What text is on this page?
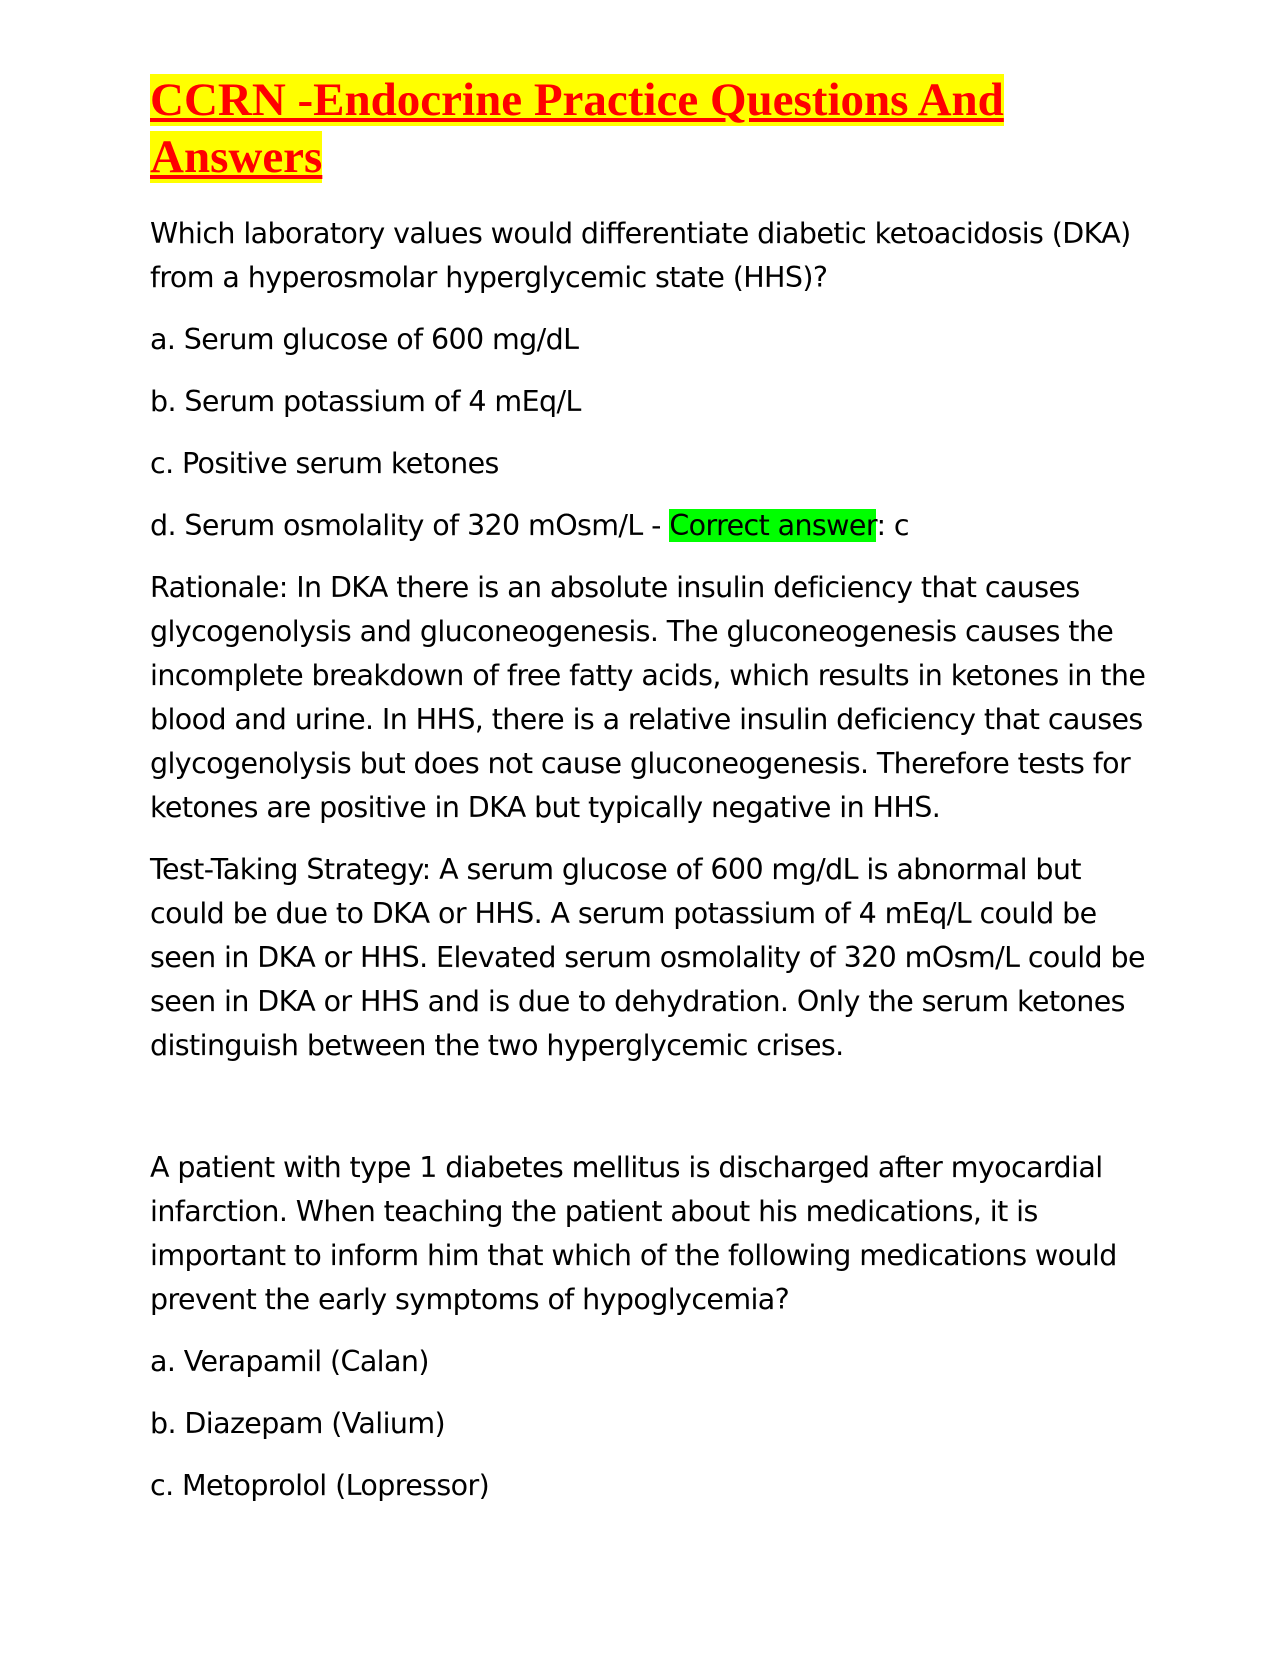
CCRN -Endocrine Practice Questions And Answers

Which laboratory values would differentiate diabetic ketoacidosis (DKA) from a hyperosmolar hyperglycemic state (HHS)?

a. Serum glucose of 600 mg/dL

b. Serum potassium of 4 mEq/L

c. Positive serum ketones

d. Serum osmolality of 320 mOsm/L - Correct answer: c

Rationale: In DKA there is an absolute insulin deficiency that causes glycogenolysis and gluconeogenesis. The gluconeogenesis causes the incomplete breakdown of free fatty acids, which results in ketones in the blood and urine. In HHS, there is a relative insulin deficiency that causes glycogenolysis but does not cause gluconeogenesis. Therefore tests for ketones are positive in DKA but typically negative in HHS.

Test-Taking Strategy: A serum glucose of 600 mg/dL is abnormal but could be due to DKA or HHS. A serum potassium of 4 mEq/L could be seen in DKA or HHS. Elevated serum osmolality of 320 mOsm/L could be seen in DKA or HHS and is due to dehydration. Only the serum ketones distinguish between the two hyperglycemic crises.

A patient with type 1 diabetes mellitus is discharged after myocardial infarction. When teaching the patient about his medications, it is important to inform him that which of the following medications would prevent the early symptoms of hypoglycemia?

a. Verapamil (Calan)

b. Diazepam (Valium)

c. Metoprolol (Lopressor)
